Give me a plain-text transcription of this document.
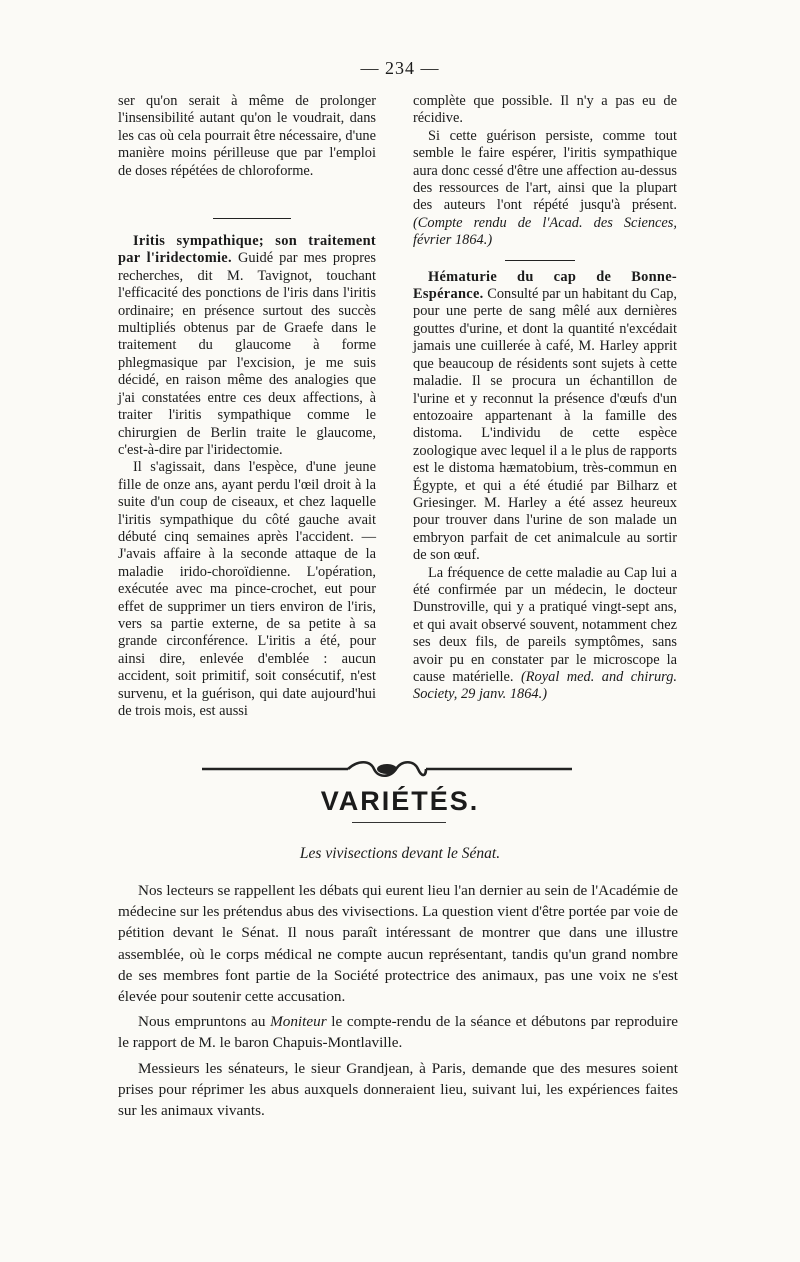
— 234 —

ser qu'on serait à même de prolonger l'insensibilité autant qu'on le voudrait, dans les cas où cela pourrait être nécessaire, d'une manière moins périlleuse que par l'emploi de doses répétées de chloroforme.

Iritis sympathique; son traitement par l'iridectomie. Guidé par mes propres recherches, dit M. Tavignot, touchant l'efficacité des ponctions de l'iris dans l'iritis ordinaire; en présence surtout des succès multipliés obtenus par de Graefe dans le traitement du glaucome à forme phlegmasique par l'excision, je me suis décidé, en raison même des analogies que j'ai constatées entre ces deux affections, à traiter l'iritis sympathique comme le chirurgien de Berlin traite le glaucome, c'est-à-dire par l'iridectomie.

Il s'agissait, dans l'espèce, d'une jeune fille de onze ans, ayant perdu l'œil droit à la suite d'un coup de ciseaux, et chez laquelle l'iritis sympathique du côté gauche avait débuté cinq semaines après l'accident. — J'avais affaire à la seconde attaque de la maladie irido-choroïdienne. L'opération, exécutée avec ma pince-crochet, eut pour effet de supprimer un tiers environ de l'iris, vers sa partie externe, de sa petite à sa grande circonférence. L'iritis a été, pour ainsi dire, enlevée d'emblée : aucun accident, soit primitif, soit consécutif, n'est survenu, et la guérison, qui date aujourd'hui de trois mois, est aussi

complète que possible. Il n'y a pas eu de récidive.

Si cette guérison persiste, comme tout semble le faire espérer, l'iritis sympathique aura donc cessé d'être une affection au-dessus des ressources de l'art, ainsi que la plupart des auteurs l'ont répété jusqu'à présent. (Compte rendu de l'Acad. des Sciences, février 1864.)

Hématurie du cap de Bonne-Espérance. Consulté par un habitant du Cap, pour une perte de sang mêlé aux dernières gouttes d'urine, et dont la quantité n'excédait jamais une cuillerée à café, M. Harley apprit que beaucoup de résidents sont sujets à cette maladie. Il se procura un échantillon de l'urine et y reconnut la présence d'œufs d'un entozoaire appartenant à la famille des distoma. L'individu de cette espèce zoologique avec lequel il a le plus de rapports est le distoma hæmatobium, très-commun en Égypte, et qui a été étudié par Bilharz et Griesinger. M. Harley a été assez heureux pour trouver dans l'urine de son malade un embryon parfait de cet animalcule au sortir de son œuf.

La fréquence de cette maladie au Cap lui a été confirmée par un médecin, le docteur Dunstroville, qui y a pratiqué vingt-sept ans, et qui avait observé souvent, notamment chez ses deux fils, de pareils symptômes, sans avoir pu en constater par le microscope la cause matérielle. (Royal med. and chirurg. Society, 29 janv. 1864.)

VARIÉTÉS.
Les vivisections devant le Sénat.

Nos lecteurs se rappellent les débats qui eurent lieu l'an dernier au sein de l'Académie de médecine sur les prétendus abus des vivisections. La question vient d'être portée par voie de pétition devant le Sénat. Il nous paraît intéressant de montrer que dans une illustre assemblée, où le corps médical ne compte aucun représentant, tandis qu'un grand nombre de ses membres font partie de la Société protectrice des animaux, pas une voix ne s'est élevée pour soutenir cette accusation.

Nous empruntons au Moniteur le compte-rendu de la séance et débutons par reproduire le rapport de M. le baron Chapuis-Montlaville.

Messieurs les sénateurs, le sieur Grandjean, à Paris, demande que des mesures soient prises pour réprimer les abus auxquels donneraient lieu, suivant lui, les expériences faites sur les animaux vivants.
